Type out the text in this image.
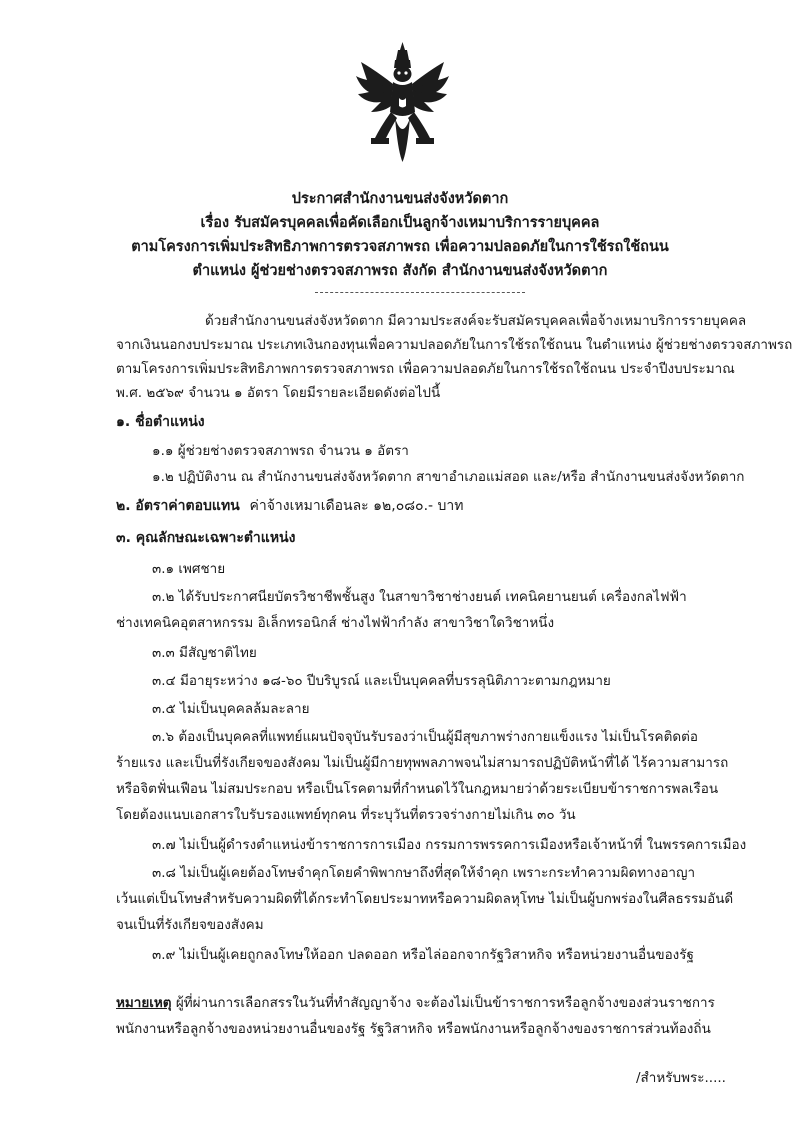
ประกาศสำนักงานขนส่งจังหวัดตาก
เรื่อง รับสมัครบุคคลเพื่อคัดเลือกเป็นลูกจ้างเหมาบริการรายบุคคล
ตามโครงการเพิ่มประสิทธิภาพการตรวจสภาพรถ เพื่อความปลอดภัยในการใช้รถใช้ถนน
ตำแหน่ง ผู้ช่วยช่างตรวจสภาพรถ สังกัด สำนักงานขนส่งจังหวัดตาก
ด้วยสำนักงานขนส่งจังหวัดตาก มีความประสงค์จะรับสมัครบุคคลเพื่อจ้างเหมาบริการรายบุคคล
จากเงินนอกงบประมาณ ประเภทเงินกองทุนเพื่อความปลอดภัยในการใช้รถใช้ถนน ในตำแหน่ง ผู้ช่วยช่างตรวจสภาพรถ
ตามโครงการเพิ่มประสิทธิภาพการตรวจสภาพรถ เพื่อความปลอดภัยในการใช้รถใช้ถนน ประจำปีงบประมาณ
พ.ศ. ๒๕๖๙ จำนวน ๑ อัตรา โดยมีรายละเอียดดังต่อไปนี้
๑. ชื่อตำแหน่ง
๑.๑ ผู้ช่วยช่างตรวจสภาพรถ จำนวน ๑ อัตรา
๑.๒ ปฏิบัติงาน ณ สำนักงานขนส่งจังหวัดตาก สาขาอำเภอแม่สอด และ/หรือ สำนักงานขนส่งจังหวัดตาก
๒. อัตราค่าตอบแทน ค่าจ้างเหมาเดือนละ ๑๒,๐๘๐.- บาท
๓. คุณลักษณะเฉพาะตำแหน่ง
๓.๑ เพศชาย
๓.๒ ได้รับประกาศนียบัตรวิชาชีพชั้นสูง ในสาขาวิชาช่างยนต์ เทคนิคยานยนต์ เครื่องกลไฟฟ้า
ช่างเทคนิคอุตสาหกรรม อิเล็กทรอนิกส์ ช่างไฟฟ้ากำลัง สาขาวิชาใดวิชาหนึ่ง
๓.๓ มีสัญชาติไทย
๓.๔ มีอายุระหว่าง ๑๘-๖๐ ปีบริบูรณ์ และเป็นบุคคลที่บรรลุนิติภาวะตามกฎหมาย
๓.๕ ไม่เป็นบุคคลล้มละลาย
๓.๖ ต้องเป็นบุคคลที่แพทย์แผนปัจจุบันรับรองว่าเป็นผู้มีสุขภาพร่างกายแข็งแรง ไม่เป็นโรคติดต่อ
ร้ายแรง และเป็นที่รังเกียจของสังคม ไม่เป็นผู้มีกายทุพพลภาพจนไม่สามารถปฏิบัติหน้าที่ได้ ไร้ความสามารถ
หรือจิตฟั่นเฟือน ไม่สมประกอบ หรือเป็นโรคตามที่กำหนดไว้ในกฎหมายว่าด้วยระเบียบข้าราชการพลเรือน
โดยต้องแนบเอกสารใบรับรองแพทย์ทุกคน ที่ระบุวันที่ตรวจร่างกายไม่เกิน ๓๐ วัน
๓.๗ ไม่เป็นผู้ดำรงตำแหน่งข้าราชการการเมือง กรรมการพรรคการเมืองหรือเจ้าหน้าที่ ในพรรคการเมือง
๓.๘ ไม่เป็นผู้เคยต้องโทษจำคุกโดยคำพิพากษาถึงที่สุดให้จำคุก เพราะกระทำความผิดทางอาญา
เว้นแต่เป็นโทษสำหรับความผิดที่ได้กระทำโดยประมาทหรือความผิดลหุโทษ ไม่เป็นผู้บกพร่องในศีลธรรมอันดี
จนเป็นที่รังเกียจของสังคม
๓.๙ ไม่เป็นผู้เคยถูกลงโทษให้ออก ปลดออก หรือไล่ออกจากรัฐวิสาหกิจ หรือหน่วยงานอื่นของรัฐ
หมายเหตุ ผู้ที่ผ่านการเลือกสรรในวันที่ทำสัญญาจ้าง จะต้องไม่เป็นข้าราชการหรือลูกจ้างของส่วนราชการ
พนักงานหรือลูกจ้างของหน่วยงานอื่นของรัฐ รัฐวิสาหกิจ หรือพนักงานหรือลูกจ้างของราชการส่วนท้องถิ่น
/สำหรับพระ.....
